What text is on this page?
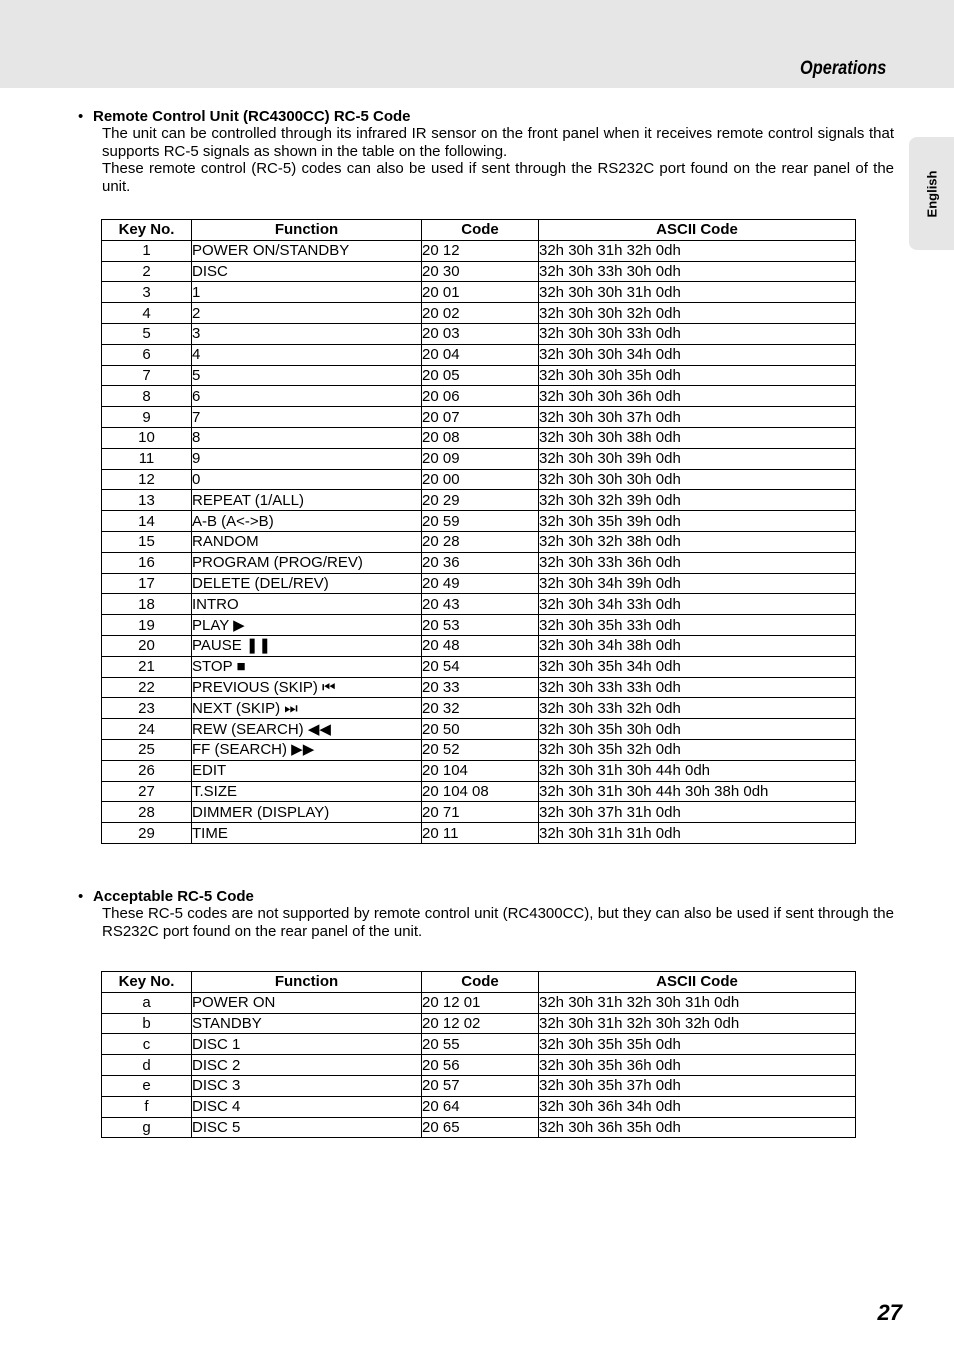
Operations
English
• Remote Control Unit (RC4300CC) RC-5 Code

The unit can be controlled through its infrared IR sensor on the front panel when it receives remote control signals that supports RC-5 signals as shown in the table on the following.

These remote control (RC-5) codes can also be used if sent through the RS232C port found on the rear panel of the unit.

Key No.	Function	Code	ASCII Code
1	POWER ON/STANDBY	20 12	32h 30h 31h 32h 0dh
2	DISC	20 30	32h 30h 33h 30h 0dh
3	1	20 01	32h 30h 30h 31h 0dh
4	2	20 02	32h 30h 30h 32h 0dh
5	3	20 03	32h 30h 30h 33h 0dh
6	4	20 04	32h 30h 30h 34h 0dh
7	5	20 05	32h 30h 30h 35h 0dh
8	6	20 06	32h 30h 30h 36h 0dh
9	7	20 07	32h 30h 30h 37h 0dh
10	8	20 08	32h 30h 30h 38h 0dh
11	9	20 09	32h 30h 30h 39h 0dh
12	0	20 00	32h 30h 30h 30h 0dh
13	REPEAT (1/ALL)	20 29	32h 30h 32h 39h 0dh
14	A-B (A<->B)	20 59	32h 30h 35h 39h 0dh
15	RANDOM	20 28	32h 30h 32h 38h 0dh
16	PROGRAM (PROG/REV)	20 36	32h 30h 33h 36h 0dh
17	DELETE (DEL/REV)	20 49	32h 30h 34h 39h 0dh
18	INTRO	20 43	32h 30h 34h 33h 0dh
19	PLAY ▶	20 53	32h 30h 35h 33h 0dh
20	PAUSE ❚❚	20 48	32h 30h 34h 38h 0dh
21	STOP ■	20 54	32h 30h 35h 34h 0dh
22	PREVIOUS (SKIP) ⏮	20 33	32h 30h 33h 33h 0dh
23	NEXT (SKIP) ⏭	20 32	32h 30h 33h 32h 0dh
24	REW (SEARCH) ◀◀	20 50	32h 30h 35h 30h 0dh
25	FF (SEARCH) ▶▶	20 52	32h 30h 35h 32h 0dh
26	EDIT	20 104	32h 30h 31h 30h 44h 0dh
27	T.SIZE	20 104 08	32h 30h 31h 30h 44h 30h 38h 0dh
28	DIMMER (DISPLAY)	20 71	32h 30h 37h 31h 0dh
29	TIME	20 11	32h 30h 31h 31h 0dh
• Acceptable RC-5 Code

These RC-5 codes are not supported by remote control unit (RC4300CC), but they can also be used if sent through the RS232C port found on the rear panel of the unit.

Key No.	Function	Code	ASCII Code
a	POWER ON	20 12 01	32h 30h 31h 32h 30h 31h 0dh
b	STANDBY	20 12 02	32h 30h 31h 32h 30h 32h 0dh
c	DISC 1	20 55	32h 30h 35h 35h 0dh
d	DISC 2	20 56	32h 30h 35h 36h 0dh
e	DISC 3	20 57	32h 30h 35h 37h 0dh
f	DISC 4	20 64	32h 30h 36h 34h 0dh
g	DISC 5	20 65	32h 30h 36h 35h 0dh
27
